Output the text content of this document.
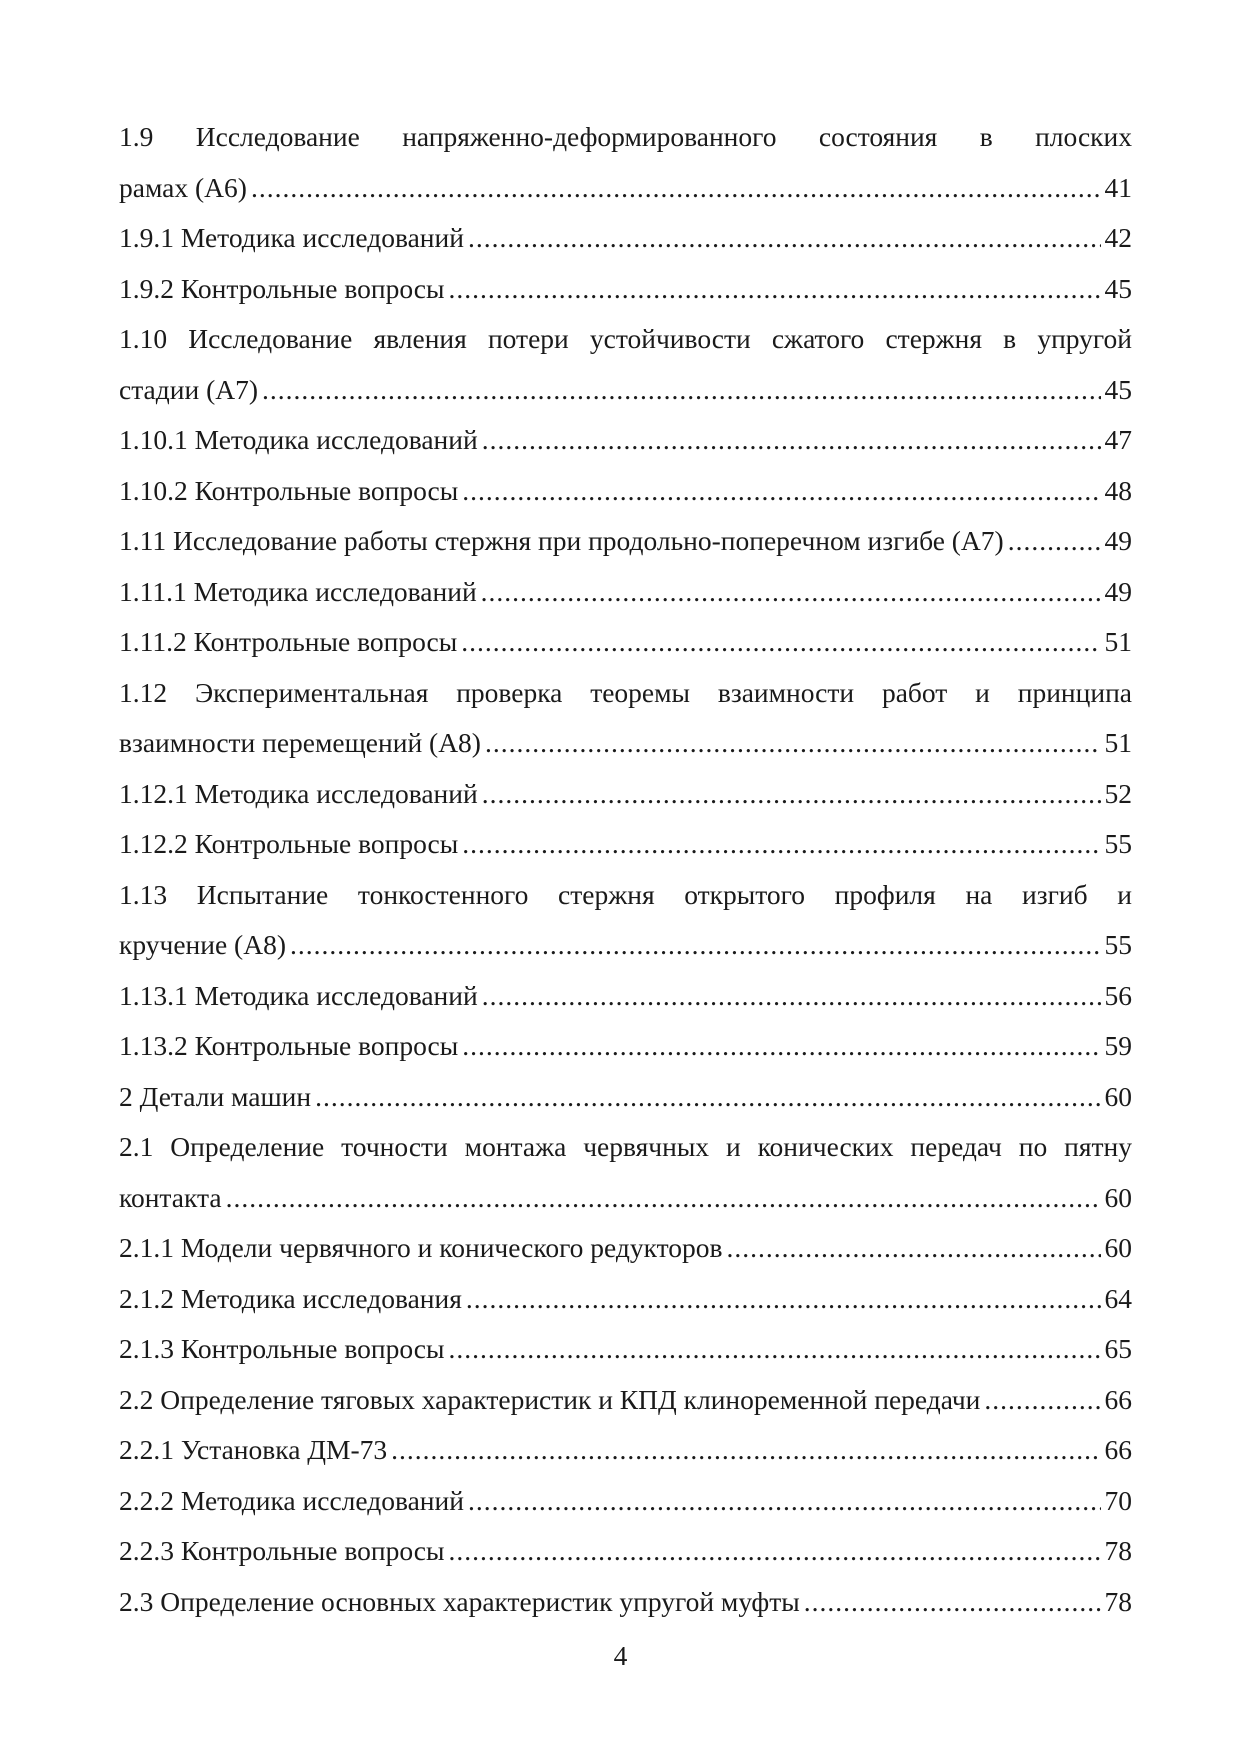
1.9 Исследование напряженно-деформированного состояния в плоских
рамах (А6) .....	41
1.9.1 Методика исследований .....	42
1.9.2 Контрольные вопросы .....	45
1.10 Исследование явления потери устойчивости сжатого стержня в упругой
стадии (А7) .....	45
1.10.1 Методика исследований .....	47
1.10.2 Контрольные вопросы .....	48
1.11 Исследование работы стержня при продольно-поперечном изгибе (А7) .....	49
1.11.1 Методика исследований .....	49
1.11.2 Контрольные вопросы .....	51
1.12 Экспериментальная проверка теоремы взаимности работ и принципа
взаимности перемещений (А8) .....	51
1.12.1 Методика исследований .....	52
1.12.2 Контрольные вопросы .....	55
1.13 Испытание тонкостенного стержня открытого профиля на изгиб и
кручение (А8) .....	55
1.13.1 Методика исследований .....	56
1.13.2 Контрольные вопросы .....	59
2 Детали машин .....	60
2.1 Определение точности монтажа червячных и конических передач по пятну
контакта .....	60
2.1.1 Модели червячного и конического редукторов .....	60
2.1.2 Методика исследования .....	64
2.1.3 Контрольные вопросы .....	65
2.2 Определение тяговых характеристик и КПД клиноременной передачи .....	66
2.2.1 Установка ДМ-73 .....	66
2.2.2 Методика исследований .....	70
2.2.3 Контрольные вопросы .....	78
2.3 Определение основных характеристик упругой муфты .....	78
4
